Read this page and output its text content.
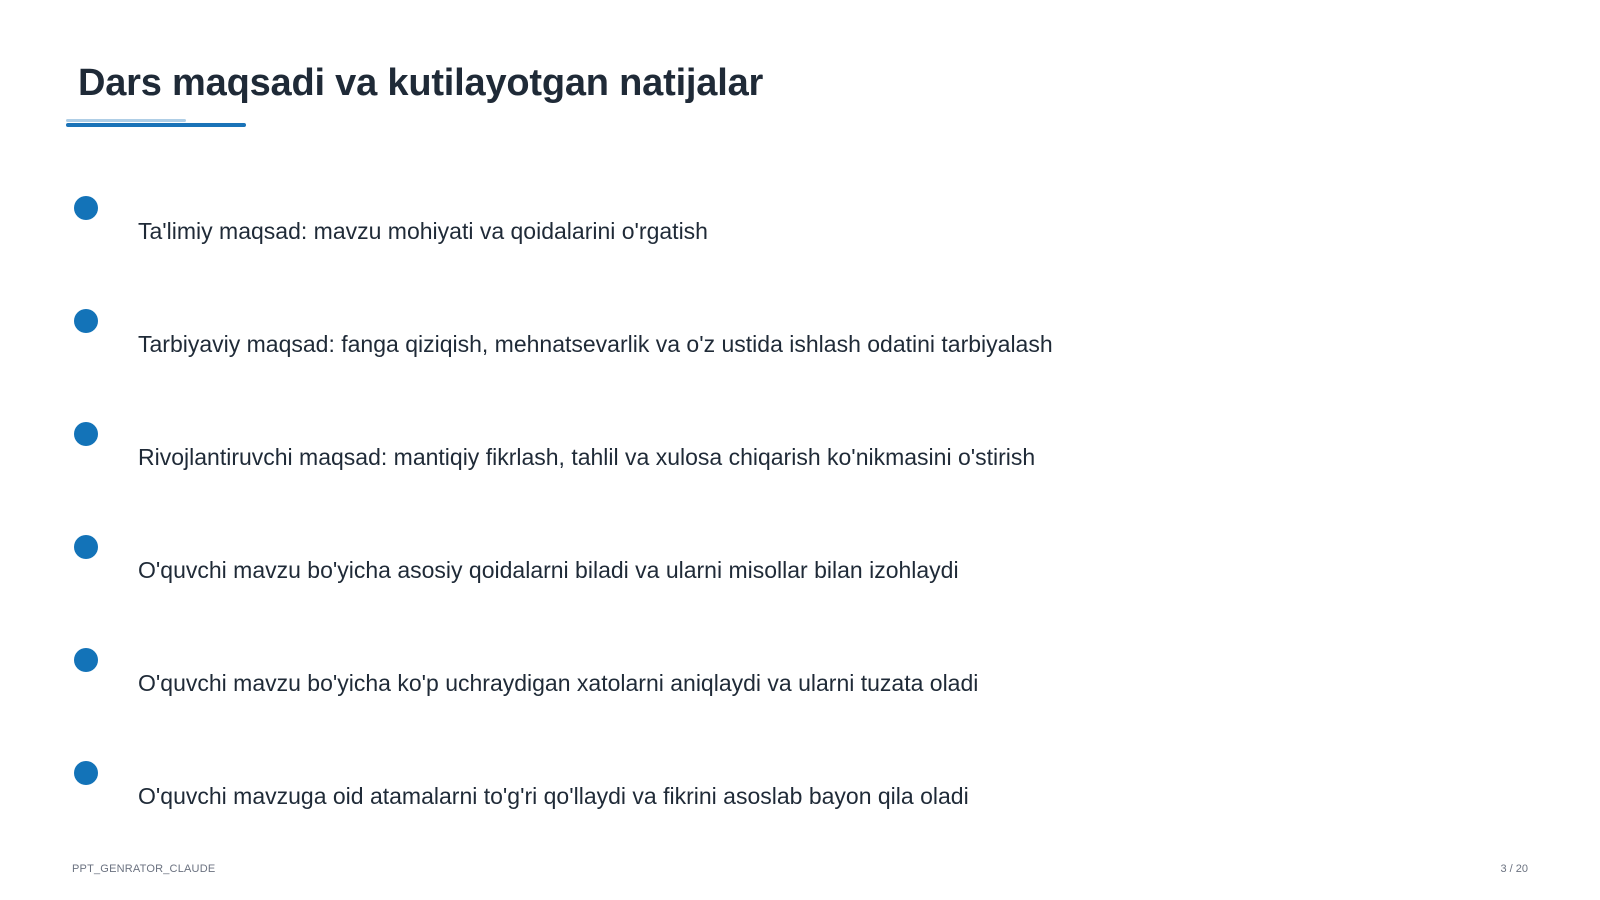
Dars maqsadi va kutilayotgan natijalar
Ta'limiy maqsad: mavzu mohiyati va qoidalarini o'rgatish
Tarbiyaviy maqsad: fanga qiziqish, mehnatsevarlik va o'z ustida ishlash odatini tarbiyalash
Rivojlantiruvchi maqsad: mantiqiy fikrlash, tahlil va xulosa chiqarish ko'nikmasini o'stirish
O'quvchi mavzu bo'yicha asosiy qoidalarni biladi va ularni misollar bilan izohlaydi
O'quvchi mavzu bo'yicha ko'p uchraydigan xatolarni aniqlaydi va ularni tuzata oladi
O'quvchi mavzuga oid atamalarni to'g'ri qo'llaydi va fikrini asoslab bayon qila oladi
PPT_GENRATOR_CLAUDE	3 / 20
